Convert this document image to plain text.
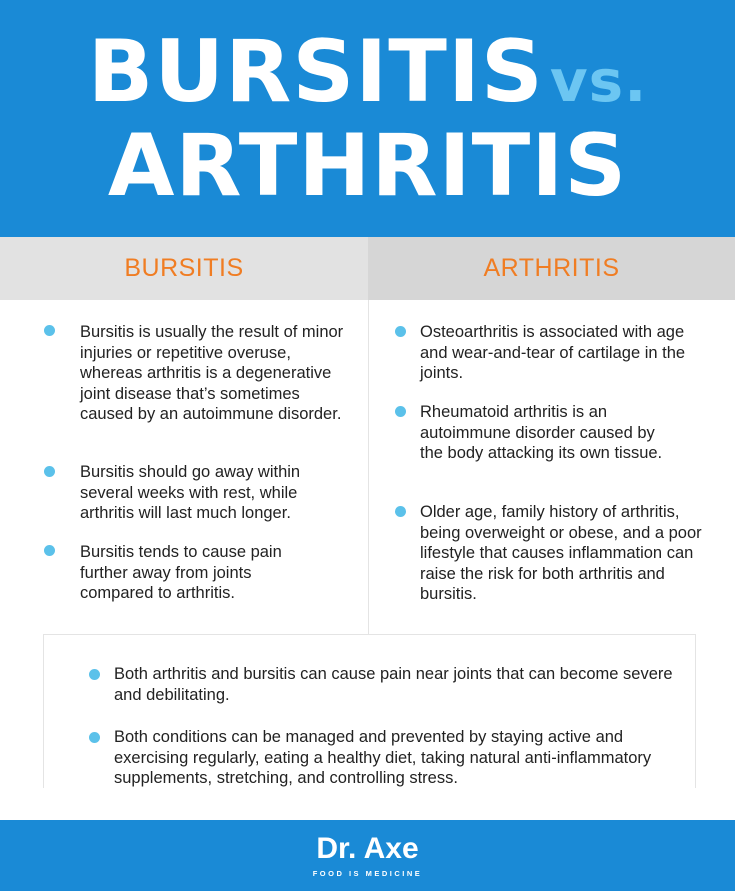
BURSITIS vs.
ARTHRITIS
BURSITIS	ARTHRITIS
Bursitis is usually the result of minor injuries or repetitive overuse, whereas arthritis is a degenerative joint disease that’s sometimes caused by an autoimmune disorder.
Bursitis should go away within several weeks with rest, while arthritis will last much longer.
Bursitis tends to cause pain further away from joints compared to arthritis.
Osteoarthritis is associated with age and wear-and-tear of cartilage in the joints.
Rheumatoid arthritis is an autoimmune disorder caused by the body attacking its own tissue.
Older age, family history of arthritis, being overweight or obese, and a poor lifestyle that causes inflammation can raise the risk for both arthritis and bursitis.
Both arthritis and bursitis can cause pain near joints that can become severe and debilitating.
Both conditions can be managed and prevented by staying active and exercising regularly, eating a healthy diet, taking natural anti-inflammatory supplements, stretching, and controlling stress.
Dr. Axe
FOOD IS MEDICINE
